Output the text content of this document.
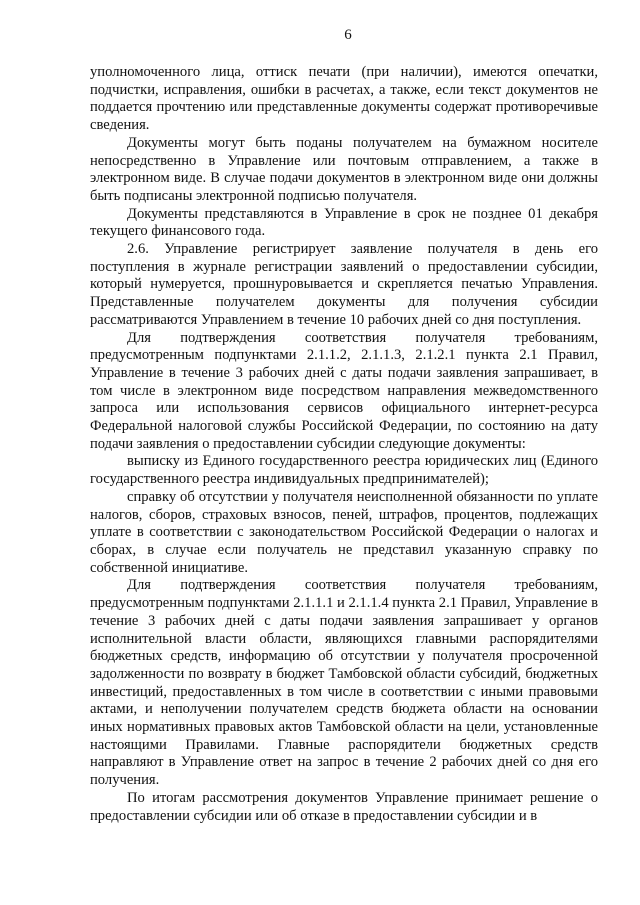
6

уполномоченного лица, оттиск печати (при наличии), имеются опечатки, подчистки, исправления, ошибки в расчетах, а также, если текст документов не поддается прочтению или представленные документы содержат противоречивые сведения.

Документы могут быть поданы получателем на бумажном носителе непосредственно в Управление или почтовым отправлением, а также в электронном виде. В случае подачи документов в электронном виде они должны быть подписаны электронной подписью получателя.

Документы представляются в Управление в срок не позднее 01 декабря текущего финансового года.

2.6. Управление регистрирует заявление получателя в день его поступления в журнале регистрации заявлений о предоставлении субсидии, который нумеруется, прошнуровывается и скрепляется печатью Управления. Представленные получателем документы для получения субсидии рассматриваются Управлением в течение 10 рабочих дней со дня поступления.

Для подтверждения соответствия получателя требованиям, предусмотренным подпунктами 2.1.1.2, 2.1.1.3, 2.1.2.1 пункта 2.1 Правил, Управление в течение 3 рабочих дней с даты подачи заявления запрашивает, в том числе в электронном виде посредством направления межведомственного запроса или использования сервисов официального интернет-ресурса Федеральной налоговой службы Российской Федерации, по состоянию на дату подачи заявления о предоставлении субсидии следующие документы:

выписку из Единого государственного реестра юридических лиц (Единого государственного реестра индивидуальных предпринимателей);

справку об отсутствии у получателя неисполненной обязанности по уплате налогов, сборов, страховых взносов, пеней, штрафов, процентов, подлежащих уплате в соответствии с законодательством Российской Федерации о налогах и сборах, в случае если получатель не представил указанную справку по собственной инициативе.

Для подтверждения соответствия получателя требованиям, предусмотренным подпунктами 2.1.1.1 и 2.1.1.4 пункта 2.1 Правил, Управление в течение 3 рабочих дней с даты подачи заявления запрашивает у органов исполнительной власти области, являющихся главными распорядителями бюджетных средств, информацию об отсутствии у получателя просроченной задолженности по возврату в бюджет Тамбовской области субсидий, бюджетных инвестиций, предоставленных в том числе в соответствии с иными правовыми актами, и неполучении получателем средств бюджета области на основании иных нормативных правовых актов Тамбовской области на цели, установленные настоящими Правилами. Главные распорядители бюджетных средств направляют в Управление ответ на запрос в течение 2 рабочих дней со дня его получения.

По итогам рассмотрения документов Управление принимает решение о предоставлении субсидии или об отказе в предоставлении субсидии и в
